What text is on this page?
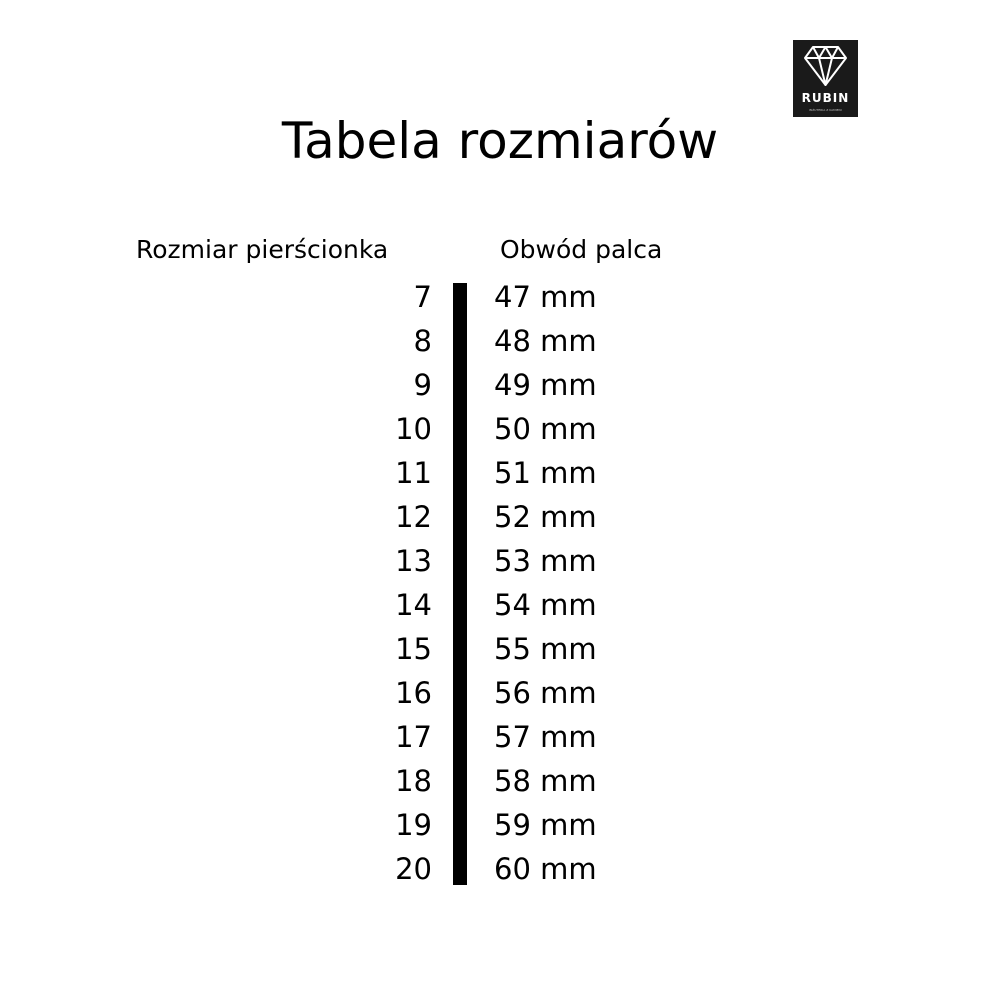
RUBIN
BIŻUTERIA Z KAMIENI
Tabela rozmiarów
Rozmiar pierścionka	Obwód palca
7	47 mm
8	48 mm
9	49 mm
10	50 mm
11	51 mm
12	52 mm
13	53 mm
14	54 mm
15	55 mm
16	56 mm
17	57 mm
18	58 mm
19	59 mm
20	60 mm
